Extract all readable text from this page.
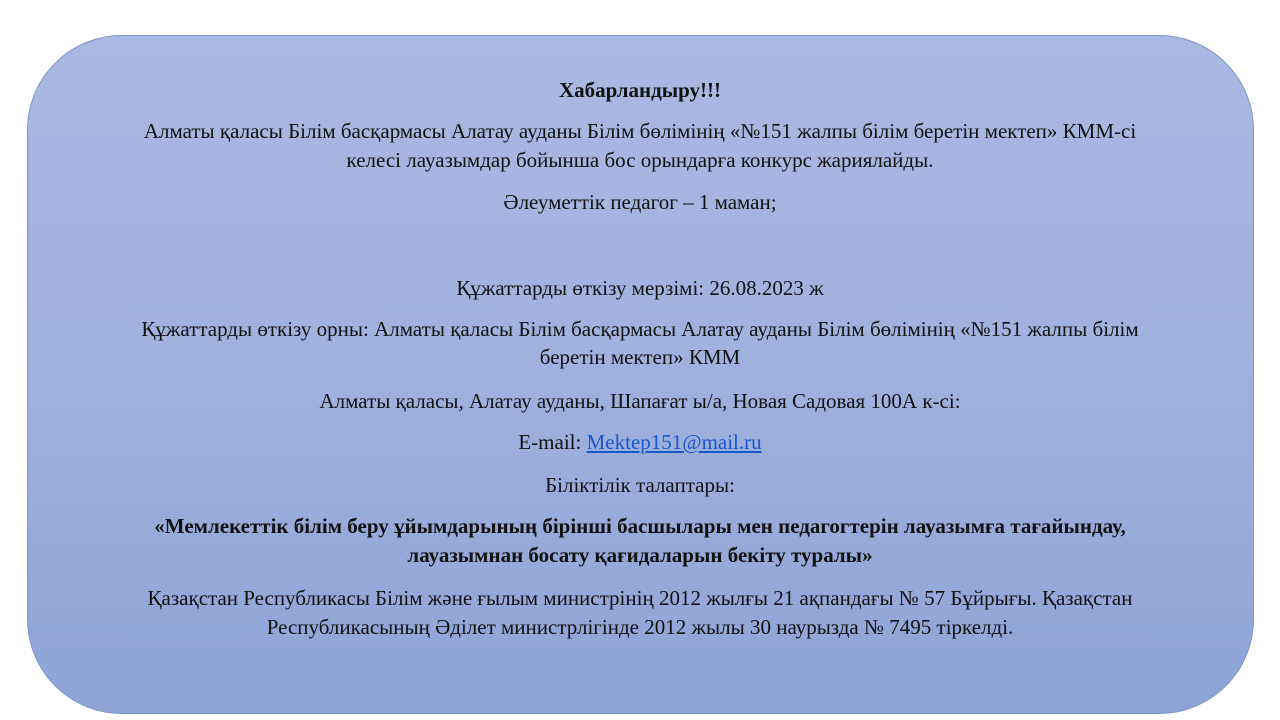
Хабарландыру!!!
Алматы қаласы Білім басқармасы Алатау ауданы Білім бөлімінің «№151 жалпы білім беретін мектеп» КММ-сі
келесі лауазымдар бойынша бос орындарға конкурс жариялайды.
Әлеуметтік педагог – 1 маман;
Құжаттарды өткізу мерзімі: 26.08.2023 ж
Құжаттарды өткізу орны: Алматы қаласы Білім басқармасы Алатау ауданы Білім бөлімінің «№151 жалпы білім
беретін мектеп» КММ
Алматы қаласы, Алатау ауданы, Шапағат ы/а, Новая Садовая 100А к-сі:
E-mail: Mektep151@mail.ru
Біліктілік талаптары:
«Мемлекеттік білім беру ұйымдарының бірінші басшылары мен педагогтерін лауазымға тағайындау,
лауазымнан босату қағидаларын бекіту туралы»
Қазақстан Республикасы Білім және ғылым министрінің 2012 жылғы 21 ақпандағы № 57 Бұйрығы. Қазақстан
Республикасының Әділет министрлігінде 2012 жылы 30 наурызда № 7495 тіркелді.
